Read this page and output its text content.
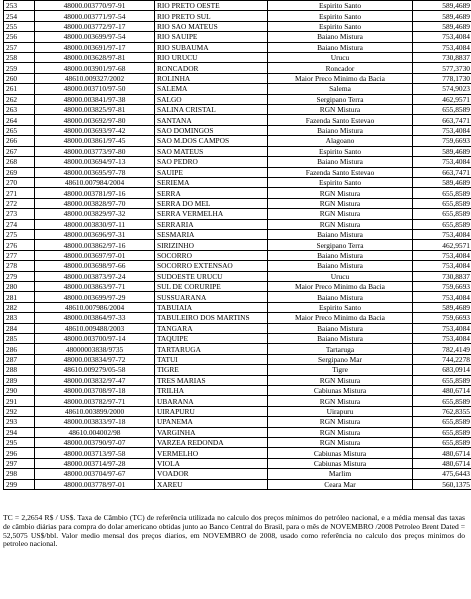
253	48000.003770/97-91	RIO PRETO OESTE	Espirito Santo	589,4689
254	48000.003771/97-54	RIO PRETO SUL	Espirito Santo	589,4689
255	48000.003772/97-17	RIO SAO MATEUS	Espirito Santo	589,4689
256	48000.003699/97-54	RIO SAUIPE	Baiano Mistura	753,4084
257	48000.003691/97-17	RIO SUBAUMA	Baiano Mistura	753,4084
258	48000.003628/97-81	RIO URUCU	Urucu	730,8837
259	48000.003901/97-68	RONCADOR	Roncador	577,3730
260	48610.009327/2002	ROLINHA	Maior Preco Minimo da Bacia	778,1730
261	48000.003710/97-50	SALEMA	Salema	574,9023
262	48000.003841/97-38	SALGO	Sergipano Terra	462,9571
263	48000.003825/97-81	SALINA CRISTAL	RGN Mistura	655,8589
264	48000.003692/97-80	SANTANA	Fazenda Santo Estevao	663,7471
265	48000.003693/97-42	SAO DOMINGOS	Baiano Mistura	753,4084
266	48000.003861/97-45	SAO M.DOS CAMPOS	Alagoano	759,6693
267	48000.003773/97-80	SAO MATEUS	Espirito Santo	589,4689
268	48000.003694/97-13	SAO PEDRO	Baiano Mistura	753,4084
269	48000.003695/97-78	SAUIPE	Fazenda Santo Estevao	663,7471
270	48610.007984/2004	SERIEMA	Espirito Santo	589,4689
271	48000.003781/97-16	SERRA	RGN Mistura	655,8589
272	48000.003828/97-70	SERRA DO MEL	RGN Mistura	655,8589
273	48000.003829/97-32	SERRA VERMELHA	RGN Mistura	655,8589
274	48000.003830/97-11	SERRARIA	RGN Mistura	655,8589
275	48000.003696/97-31	SESMARIA	Baiano Mistura	753,4084
276	48000.003862/97-16	SIRIZINHO	Sergipano Terra	462,9571
277	48000.003697/97-01	SOCORRO	Baiano Mistura	753,4084
278	48000.003698/97-66	SOCORRO EXTENSAO	Baiano Mistura	753,4084
279	48000.003873/97-24	SUDOESTE URUCU	Urucu	730,8837
280	48000.003863/97-71	SUL DE CORURIPE	Maior Preco Minimo da Bacia	759,6693
281	48000.003699/97-29	SUSSUARANA	Baiano Mistura	753,4084
282	48610.007986/2004	TABUIAIA	Espirito Santo	589,4689
283	48000.003864/97-33	TABULEIRO DOS MARTINS	Maior Preco Minimo da Bacia	759,6693
284	48610.009488/2003	TANGARA	Baiano Mistura	753,4084
285	48000.003700/97-14	TAQUIPE	Baiano Mistura	753,4084
286	48000003838/9735	TARTARUGA	Tartaruga	782,4149
287	48000.003834/97-72	TATUI	Sergipano Mar	744,2278
288	48610.009279/05-58	TIGRE	Tigre	683,0914
289	48000.003832/97-47	TRES MARIAS	RGN Mistura	655,8589
290	48000.003708/97-18	TRILHA	Cabiunas Mistura	480,6714
291	48000.003782/97-71	UBARANA	RGN Mistura	655,8589
292	48610.003899/2000	UIRAPURU	Uirapuru	762,8355
293	48000.003833/97-18	UPANEMA	RGN Mistura	655,8589
294	48610.004002/98	VARGINHA	RGN Mistura	655,8589
295	48000.003790/97-07	VARZEA REDONDA	RGN Mistura	655,8589
296	48000.003713/97-58	VERMELHO	Cabiunas Mistura	480,6714
297	48000.003714/97-28	VIOLA	Cabiunas Mistura	480,6714
298	48000.003704/97-67	VOADOR	Marlim	475,6443
299	48000.003778/97-01	XAREU	Ceara Mar	560,1375
TC = 2,2654 R$ / US$. Taxa de Câmbio (TC) de referência utilizada no calculo dos preços mínimos do petróleo nacional, e a média mensal das taxas de câmbio diárias para compra do dolar americano obtidas junto ao Banco Central do Brasil, para o mês de NOVEMBRO /2008 Petroleo Brent Dated = 52,5075 US$/bbl. Valor medio mensal dos preços diarios, em NOVEMBRO de 2008, usado como referência no calculo dos preços minimos do petroleo nacional.
